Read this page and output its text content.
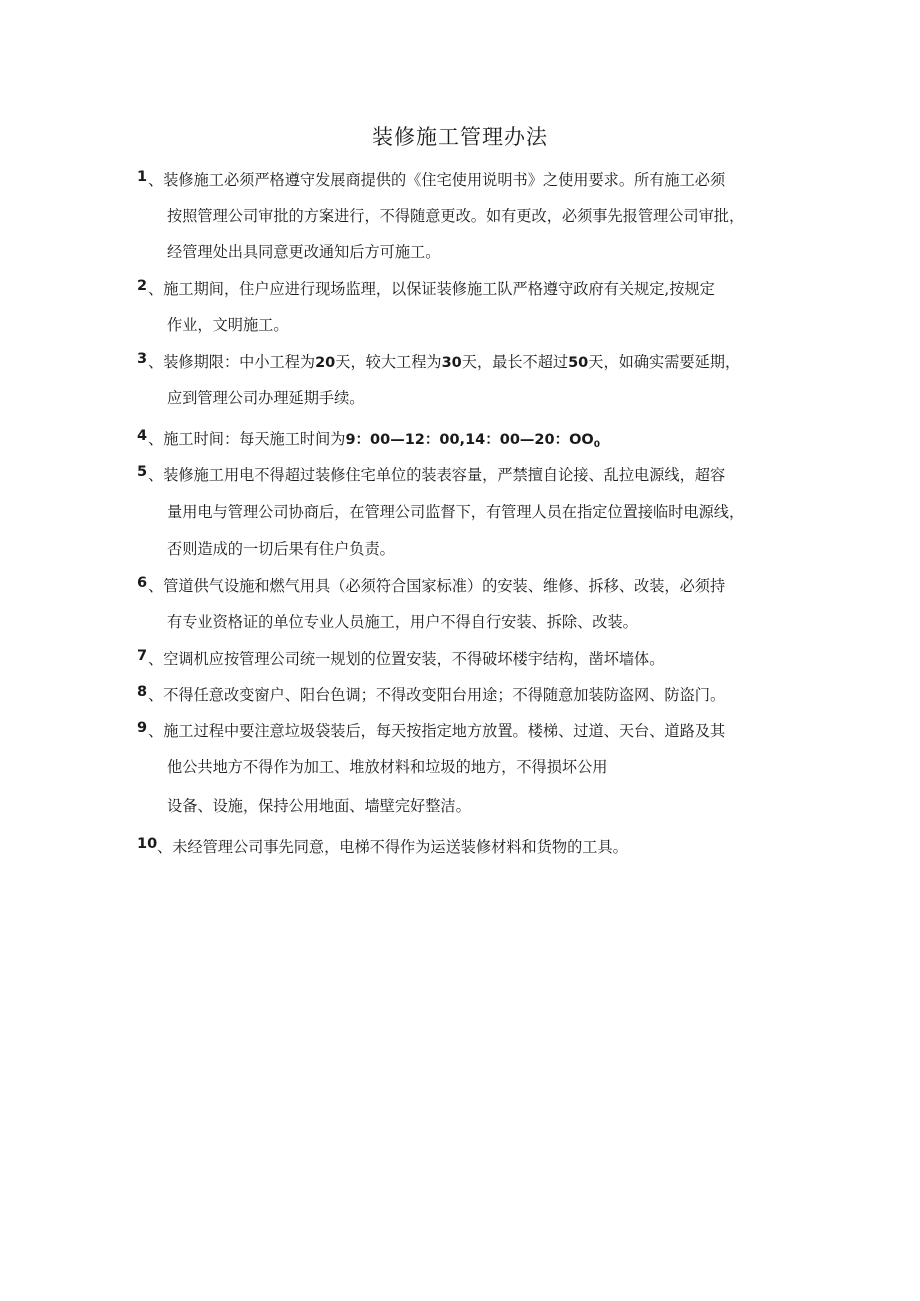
装修施工管理办法
1 、装修施工必须严格遵守发展商提供的《住宅使用说明书》之使用要求。所有施工必须
按照管理公司审批的方案进行，不得随意更改。如有更改，必须事先报管理公司审批，
经管理处出具同意更改通知后方可施工。
2 、施工期间，住户应进行现场监理，以保证装修施工队严格遵守政府有关规定,按规定
作业，文明施工。
3 、装修期限：中小工程为20天，较大工程为30天，最长不超过50天，如确实需要延期，
应到管理公司办理延期手续。
4 、施工时间：每天施工时间为9：00—12：00,14：00—20：$OO_0$
5 、装修施工用电不得超过装修住宅单位的装表容量，严禁擅自论接、乱拉电源线，超容
量用电与管理公司协商后，在管理公司监督下，有管理人员在指定位置接临时电源线，
否则造成的一切后果有住户负责。
6 、管道供气设施和燃气用具（必须符合国家标准）的安装、维修、拆移、改装，必须持
有专业资格证的单位专业人员施工，用户不得自行安装、拆除、改装。
7 、空调机应按管理公司统一规划的位置安装，不得破坏楼宇结构，凿坏墙体。
8 、不得任意改变窗户、阳台色调；不得改变阳台用途；不得随意加装防盗网、防盗门。
9 、施工过程中要注意垃圾袋装后，每天按指定地方放置。楼梯、过道、天台、道路及其
他公共地方不得作为加工、堆放材料和垃圾的地方，不得损坏公用
设备、设施，保持公用地面、墙壁完好整洁。
10 、未经管理公司事先同意，电梯不得作为运送装修材料和货物的工具。
